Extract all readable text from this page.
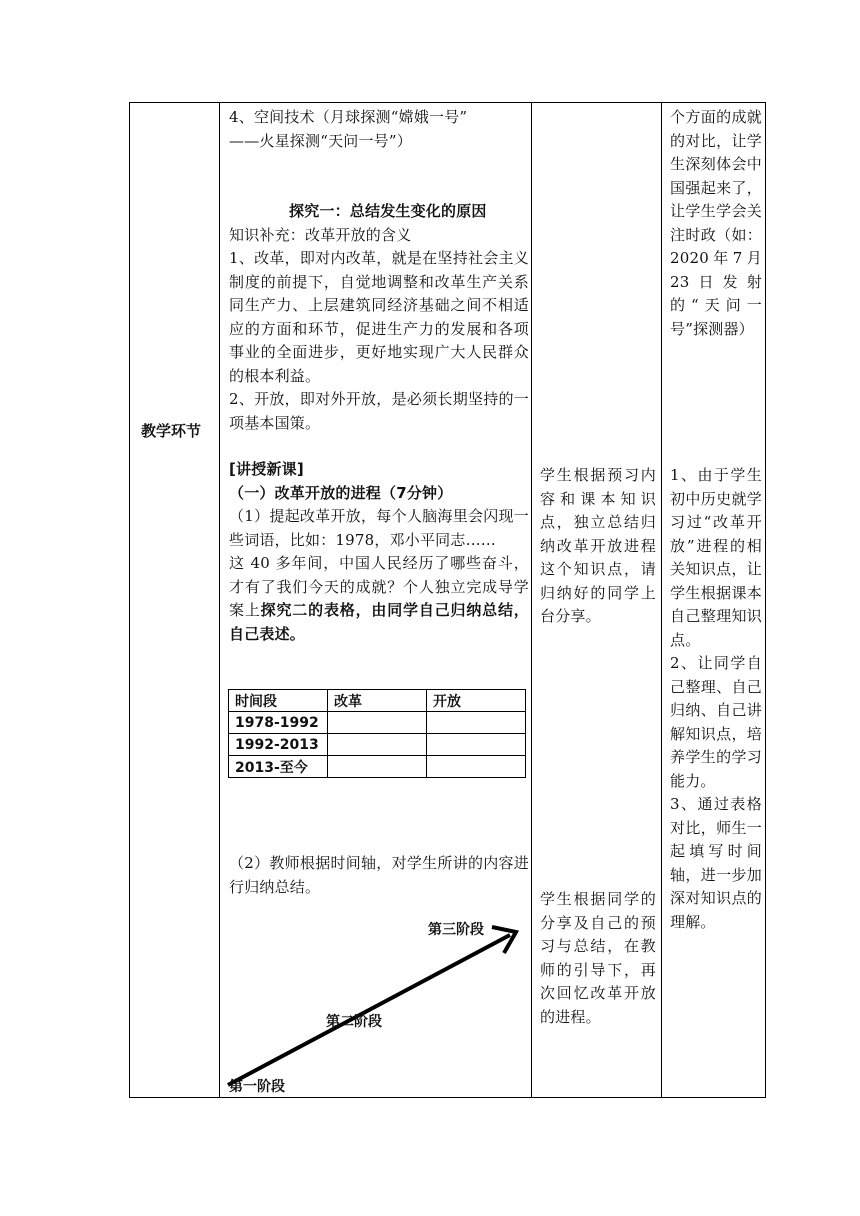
教学环节

4、空间技术（月球探测“嫦娥一号”

——火星探测“天问一号”）

探究一：总结发生变化的原因

知识补充：改革开放的含义

1、改革，即对内改革，就是在坚持社会主义制度的前提下，自觉地调整和改革生产关系同生产力、上层建筑同经济基础之间不相适应的方面和环节，促进生产力的发展和各项事业的全面进步，更好地实现广大人民群众的根本利益。

2、开放，即对外开放，是必须长期坚持的一项基本国策。

[讲授新课]

（一）改革开放的进程（7分钟）

（1）提起改革开放，每个人脑海里会闪现一些词语，比如：1978，邓小平同志……

这 40 多年间，中国人民经历了哪些奋斗，才有了我们今天的成就？个人独立完成导学案上探究二的表格，由同学自己归纳总结，自己表述。

时间段	改革	开放
1978-1992		
1992-2013		
2013-至今		
（2）教师根据时间轴，对学生所讲的内容进行归纳总结。
第一阶段
第二阶段
第三阶段
学生根据预习内容和课本知识点，独立总结归纳改革开放进程这个知识点，请归纳好的同学上台分享。
学生根据同学的分享及自己的预习与总结，在教师的引导下，再次回忆改革开放的进程。
个方面的成就的对比，让学生深刻体会中国强起来了，让学生学会关注时政（如：2020年7月23日发射的“天问一号”探测器）
1、由于学生初中历史就学习过“改革开放”进程的相关知识点，让学生根据课本自己整理知识点。
2、让同学自己整理、自己归纳、自己讲解知识点，培养学生的学习能力。
3、通过表格对比，师生一起填写时间轴，进一步加深对知识点的理解。
